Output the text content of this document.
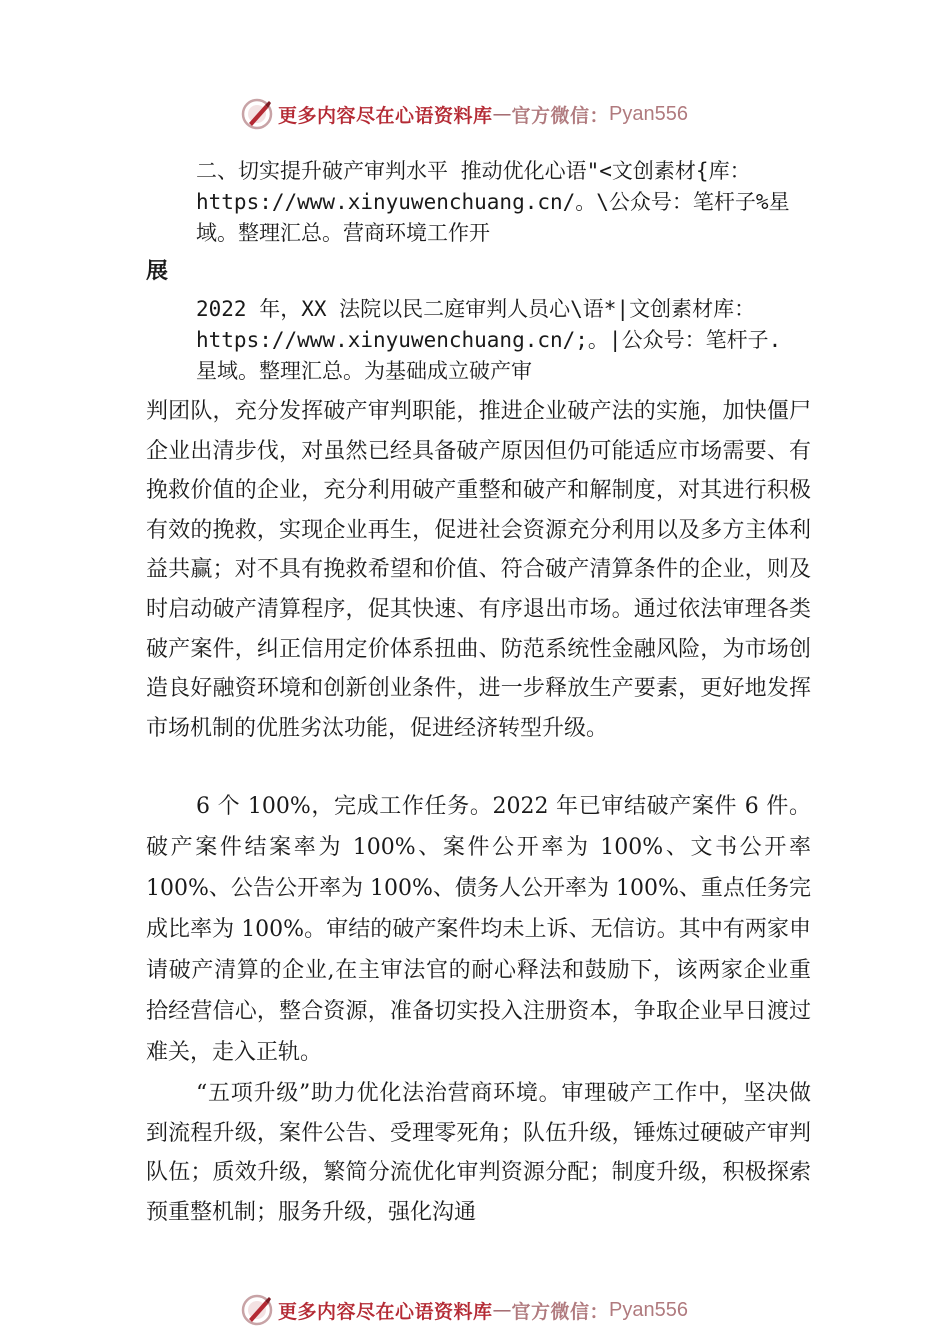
更多内容尽在心语资料库 — 官方微信： Pyan556
二、切实提升破产审判水平 推动优化心语"<文创素材{库：
https://www.xinyuwenchuang.cn/。\公众号：笔杆子%星
域。整理汇总。营商环境工作开
展
2022 年，XX 法院以民二庭审判人员心\语*|文创素材库：
https://www.xinyuwenchuang.cn/;。|公众号：笔杆子.
星域。整理汇总。为基础成立破产审
判团队，充分发挥破产审判职能，推进企业破产法的实施，加快僵尸企业出清步伐，对虽然已经具备破产原因但仍可能适应市场需要、有挽救价值的企业，充分利用破产重整和破产和解制度，对其进行积极有效的挽救，实现企业再生，促进社会资源充分利用以及多方主体利益共赢；对不具有挽救希望和价值、符合破产清算条件的企业，则及时启动破产清算程序，促其快速、有序退出市场。通过依法审理各类破产案件，纠正信用定价体系扭曲、防范系统性金融风险，为市场创造良好融资环境和创新创业条件，进一步释放生产要素，更好地发挥市场机制的优胜劣汰功能，促进经济转型升级。
6 个 100%，完成工作任务。2022 年已审结破产案件 6 件。破产案件结案率为 100%、案件公开率为 100%、文书公开率 100%、公告公开率为 100%、债务人公开率为 100%、重点任务完成比率为 100%。审结的破产案件均未上诉、无信访。其中有两家申请破产清算的企业,在主审法官的耐心释法和鼓励下，该两家企业重拾经营信心，整合资源，准备切实投入注册资本，争取企业早日渡过难关，走入正轨。
“五项升级”助力优化法治营商环境。审理破产工作中，坚决做到流程升级，案件公告、受理零死角；队伍升级，锤炼过硬破产审判队伍；质效升级，繁简分流优化审判资源分配；制度升级，积极探索预重整机制；服务升级，强化沟通
更多内容尽在心语资料库 — 官方微信： Pyan556
